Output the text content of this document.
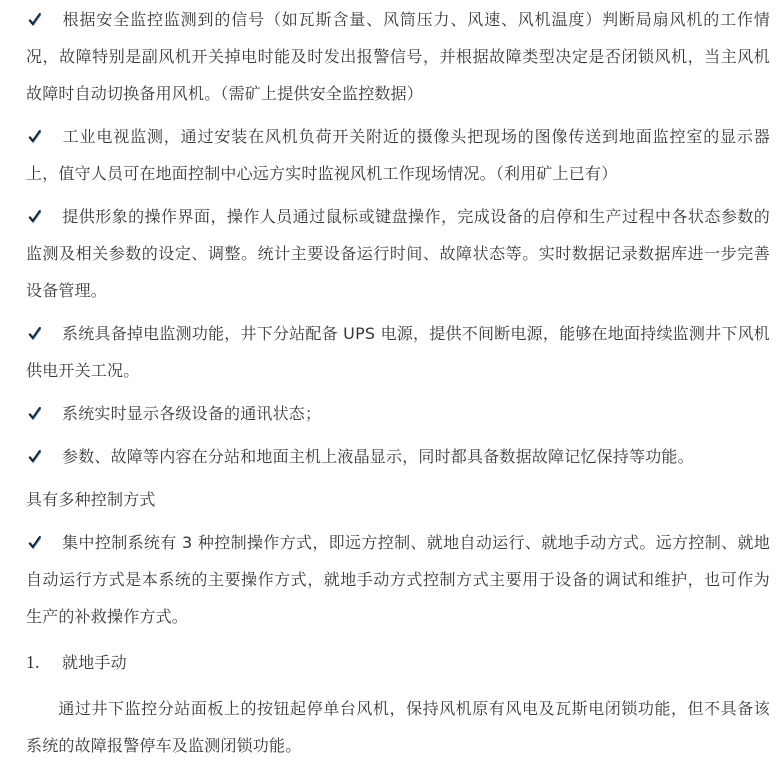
根据安全监控监测到的信号（如瓦斯含量、风筒压力、风速、风机温度）判断局扇风机的工作情况，故障特别是副风机开关掉电时能及时发出报警信号，并根据故障类型决定是否闭锁风机，当主风机故障时自动切换备用风机。（需矿上提供安全监控数据）

工业电视监测，通过安装在风机负荷开关附近的摄像头把现场的图像传送到地面监控室的显示器上，值守人员可在地面控制中心远方实时监视风机工作现场情况。（利用矿上已有）

提供形象的操作界面，操作人员通过鼠标或键盘操作，完成设备的启停和生产过程中各状态参数的监测及相关参数的设定、调整。统计主要设备运行时间、故障状态等。实时数据记录数据库进一步完善设备管理。

系统具备掉电监测功能，井下分站配备 UPS 电源，提供不间断电源，能够在地面持续监测井下风机供电开关工况。

系统实时显示各级设备的通讯状态；

参数、故障等内容在分站和地面主机上液晶显示，同时都具备数据故障记忆保持等功能。

具有多种控制方式

集中控制系统有 3 种控制操作方式，即远方控制、就地自动运行、就地手动方式。远方控制、就地自动运行方式是本系统的主要操作方式，就地手动方式控制方式主要用于设备的调试和维护，也可作为生产的补救操作方式。

1. 就地手动

通过井下监控分站面板上的按钮起停单台风机，保持风机原有风电及瓦斯电闭锁功能，但不具备该系统的故障报警停车及监测闭锁功能。
